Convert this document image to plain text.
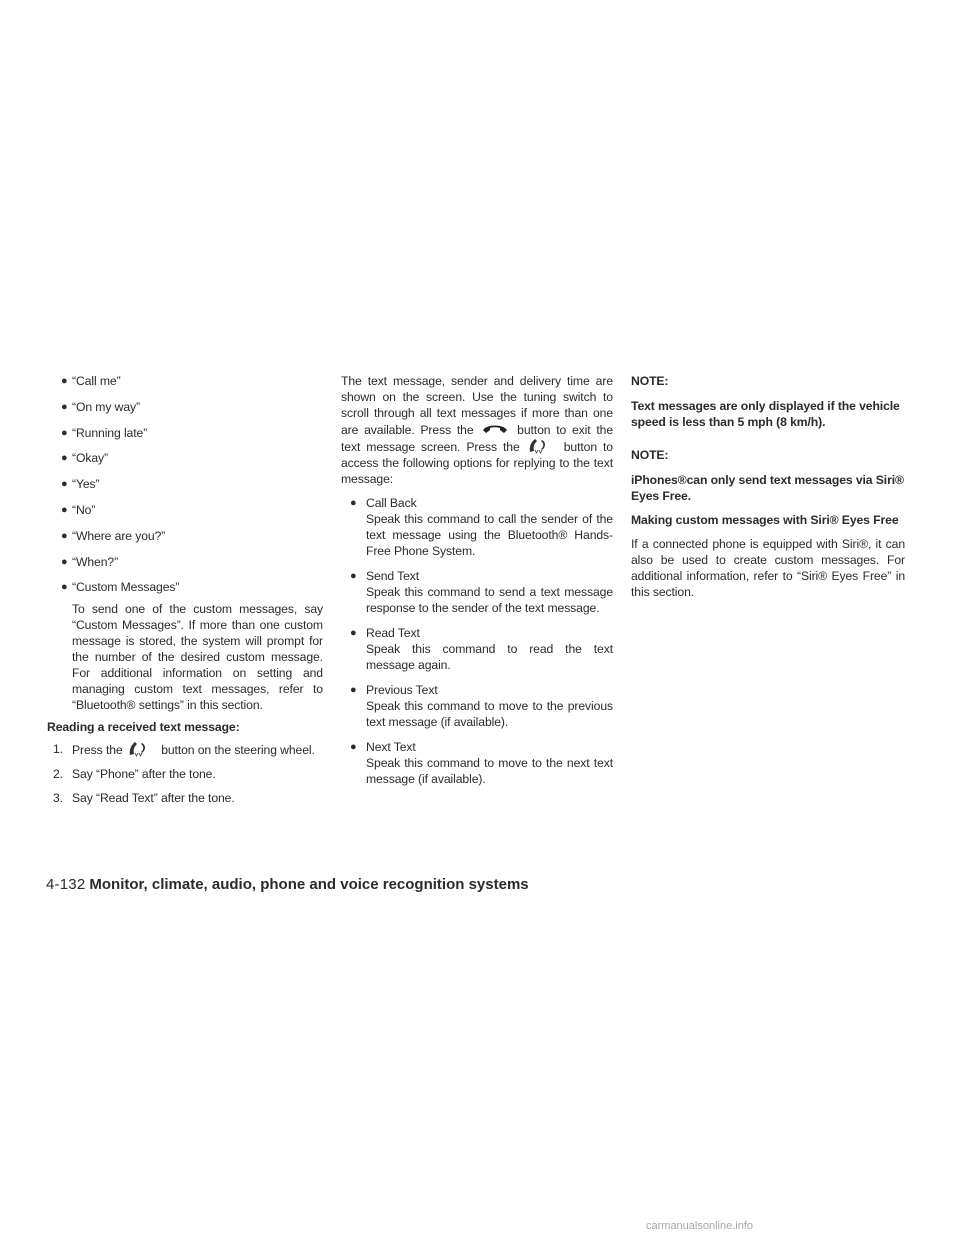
● “Call me”
● “On my way”
● “Running late”
● “Okay”
● “Yes”
● “No”
● “Where are you?”
● “When?”
● “Custom Messages”

To send one of the custom messages, say “Custom Messages”. If more than one custom message is stored, the system will prompt for the number of the desired custom message. For additional information on setting and managing custom text messages, refer to “Bluetooth® settings” in this section.

Reading a received text message:
1. Press the	button on the steering wheel.
2. Say “Phone” after the tone.
3. Say “Read Text” after the tone.

The text message, sender and delivery time are shown on the screen. Use the tuning switch to scroll through all text messages if more than one are available. Press the	button to exit the text message screen. Press the	button to access the following options for replying to the text message:

● Call Back
Speak this command to call the sender of the text message using the Bluetooth® Hands-Free Phone System.
● Send Text
Speak this command to send a text message response to the sender of the text message.
● Read Text
Speak this command to read the text message again.
● Previous Text
Speak this command to move to the previous text message (if available).
● Next Text
Speak this command to move to the next text message (if available).
NOTE:
Text messages are only displayed if the vehicle speed is less than 5 mph (8 km/h).
NOTE:
iPhones®can only send text messages via Siri® Eyes Free.
Making custom messages with Siri® Eyes Free

If a connected phone is equipped with Siri®, it can also be used to create custom messages. For additional information, refer to “Siri® Eyes Free” in this section.

4-132 Monitor, climate, audio, phone and voice recognition systems
carmanualsonline.info
